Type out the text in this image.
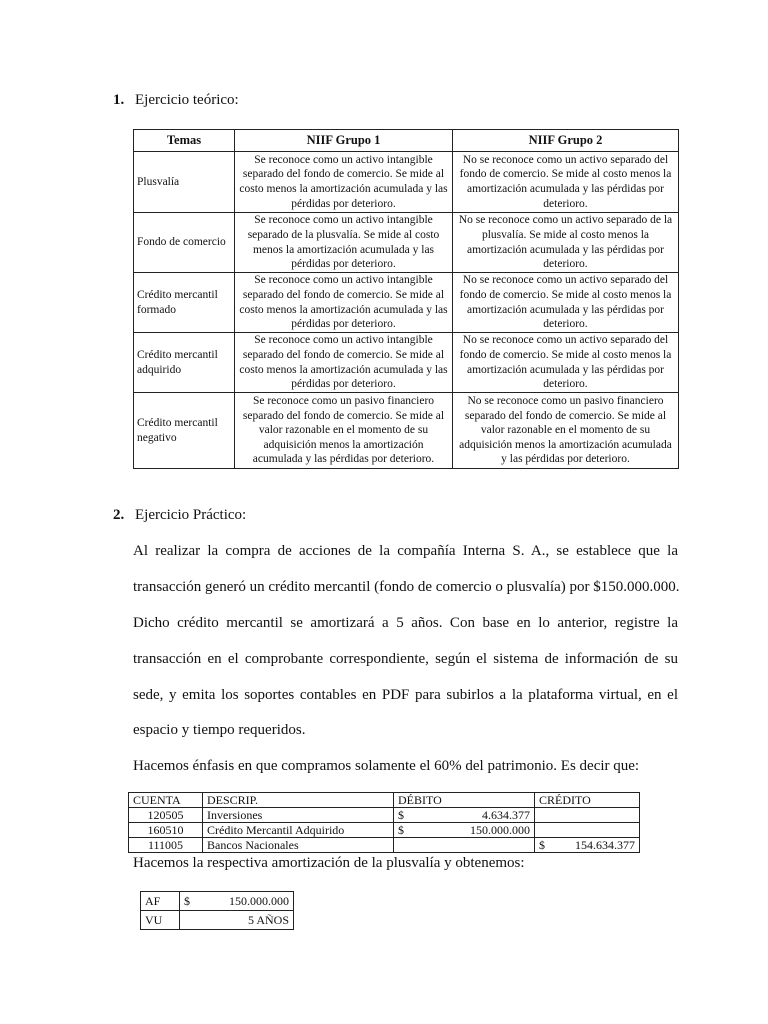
1. Ejercicio teórico:
Temas	NIIF Grupo 1	NIIF Grupo 2
Plusvalía	Se reconoce como un activo intangible separado del fondo de comercio. Se mide al costo menos la amortización acumulada y las pérdidas por deterioro.	No se reconoce como un activo separado del fondo de comercio. Se mide al costo menos la amortización acumulada y las pérdidas por deterioro.
Fondo de comercio	Se reconoce como un activo intangible separado de la plusvalía. Se mide al costo menos la amortización acumulada y las pérdidas por deterioro.	No se reconoce como un activo separado de la plusvalía. Se mide al costo menos la amortización acumulada y las pérdidas por deterioro.
Crédito mercantil formado	Se reconoce como un activo intangible separado del fondo de comercio. Se mide al costo menos la amortización acumulada y las pérdidas por deterioro.	No se reconoce como un activo separado del fondo de comercio. Se mide al costo menos la amortización acumulada y las pérdidas por deterioro.
Crédito mercantil adquirido	Se reconoce como un activo intangible separado del fondo de comercio. Se mide al costo menos la amortización acumulada y las pérdidas por deterioro.	No se reconoce como un activo separado del fondo de comercio. Se mide al costo menos la amortización acumulada y las pérdidas por deterioro.
Crédito mercantil negativo	Se reconoce como un pasivo financiero separado del fondo de comercio. Se mide al valor razonable en el momento de su adquisición menos la amortización acumulada y las pérdidas por deterioro.	No se reconoce como un pasivo financiero separado del fondo de comercio. Se mide al valor razonable en el momento de su adquisición menos la amortización acumulada y las pérdidas por deterioro.
2. Ejercicio Práctico:
Al realizar la compra de acciones de la compañía Interna S. A., se establece que la
transacción generó un crédito mercantil (fondo de comercio o plusvalía) por $150.000.000.
Dicho crédito mercantil se amortizará a 5 años. Con base en lo anterior, registre la
transacción en el comprobante correspondiente, según el sistema de información de su
sede, y emita los soportes contables en PDF para subirlos a la plataforma virtual, en el
espacio y tiempo requeridos.
Hacemos énfasis en que compramos solamente el 60% del patrimonio. Es decir que:
CUENTA	DESCRIP.	DÉBITO	CRÉDITO
120505	Inversiones	$ 4.634.377	

160510	Crédito Mercantil Adquirido	$ 150.000.000	

111005	Bancos Nacionales		$ 154.634.377
Hacemos la respectiva amortización de la plusvalía y obtenemos:
AF	$ 150.000.000

VU	5 AÑOS
